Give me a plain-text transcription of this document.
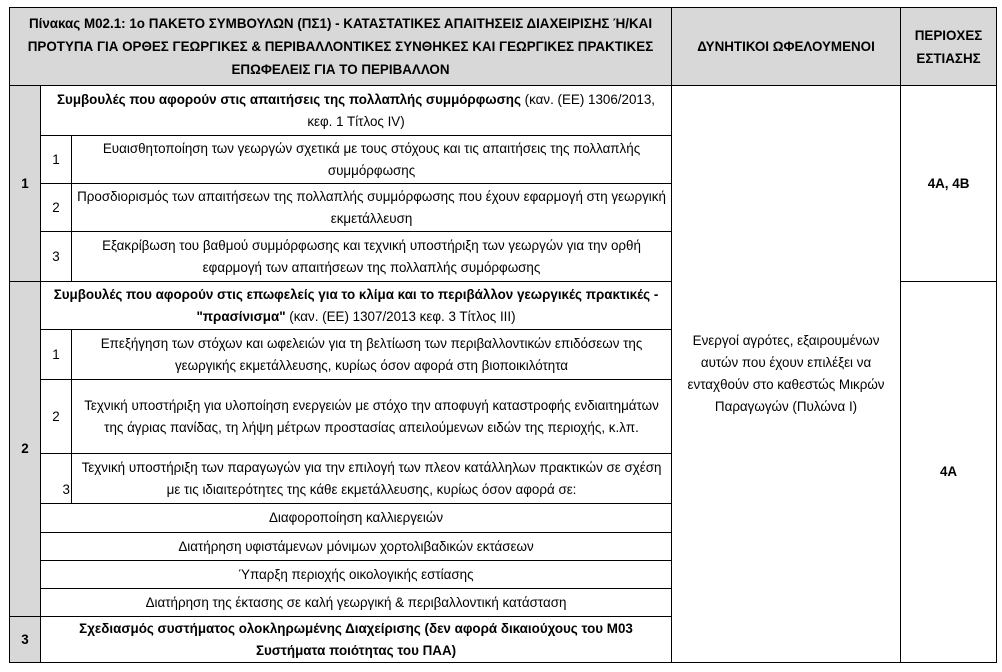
Πίνακας Μ02.1: 1ο ΠΑΚΕΤΟ ΣΥΜΒΟΥΛΩΝ (ΠΣ1) - ΚΑΤΑΣΤΑΤΙΚΕΣ ΑΠΑΙΤΗΣΕΙΣ ΔΙΑΧΕΙΡΙΣΗΣ Ή/ΚΑΙ ΠΡΟΤΥΠΑ ΓΙΑ ΟΡΘΕΣ ΓΕΩΡΓΙΚΕΣ & ΠΕΡΙΒΑΛΛΟΝΤΙΚΕΣ ΣΥΝΘΗΚΕΣ ΚΑΙ ΓΕΩΡΓΙΚΕΣ ΠΡΑΚΤΙΚΕΣ ΕΠΩΦΕΛΕΙΣ ΓΙΑ ΤΟ ΠΕΡΙΒΑΛΛΟΝ			ΔΥΝΗΤΙΚΟΙ ΩΦΕΛΟΥΜΕΝΟΙ	ΠΕΡΙΟΧΕΣ ΕΣΤΙΑΣΗΣ
1	Συμβουλές που αφορούν στις απαιτήσεις της πολλαπλής συμμόρφωσης (καν. (ΕΕ) 1306/2013, κεφ. 1 Τίτλος IV)		Ενεργοί αγρότες, εξαιρουμένων αυτών που έχουν επιλέξει να ενταχθούν στο καθεστώς Μικρών Παραγωγών (Πυλώνα Ι)	4Α, 4Β
	1	Ευαισθητοποίηση των γεωργών σχετικά με τους στόχους και τις απαιτήσεις της πολλαπλής συμμόρφωσης		
	2	Προσδιορισμός των απαιτήσεων της πολλαπλής συμμόρφωσης που έχουν εφαρμογή στη γεωργική εκμετάλλευση		
	3	Εξακρίβωση του βαθμού συμμόρφωσης και τεχνική υποστήριξη των γεωργών για την ορθή εφαρμογή των απαιτήσεων της πολλαπλής συμόρφωσης		
2	Συμβουλές που αφορούν στις επωφελείς για το κλίμα και το περιβάλλον γεωργικές πρακτικές - "πρασίνισμα" (καν. (ΕΕ) 1307/2013 κεφ. 3 Τίτλος ΙΙΙ)			4Α
	1	Επεξήγηση των στόχων και ωφελειών για τη βελτίωση των περιβαλλοντικών επιδόσεων της γεωργικής εκμετάλλευσης, κυρίως όσον αφορά στη βιοποικιλότητα		
	2	Τεχνική υποστήριξη για υλοποίηση ενεργειών με στόχο την αποφυγή καταστροφής ενδιαιτημάτων της άγριας πανίδας, τη λήψη μέτρων προστασίας απειλούμενων ειδών της περιοχής, κ.λπ.		
	3	Τεχνική υποστήριξη των παραγωγών για την επιλογή των πλεον κατάλληλων πρακτικών σε σχέση με τις ιδιαιτερότητες της κάθε εκμετάλλευσης, κυρίως όσον αφορά σε:		
	Διαφοροποίηση καλλιεργειών			
	Διατήρηση υφιστάμενων μόνιμων χορτολιβαδικών εκτάσεων			
	Ύπαρξη περιοχής οικολογικής εστίασης			
	Διατήρηση της έκτασης σε καλή γεωργική & περιβαλλοντική κατάσταση			
3	Σχεδιασμός συστήματος ολοκληρωμένης Διαχείρισης (δεν αφορά δικαιούχους του Μ03 Συστήματα ποιότητας του ΠΑΑ)			
